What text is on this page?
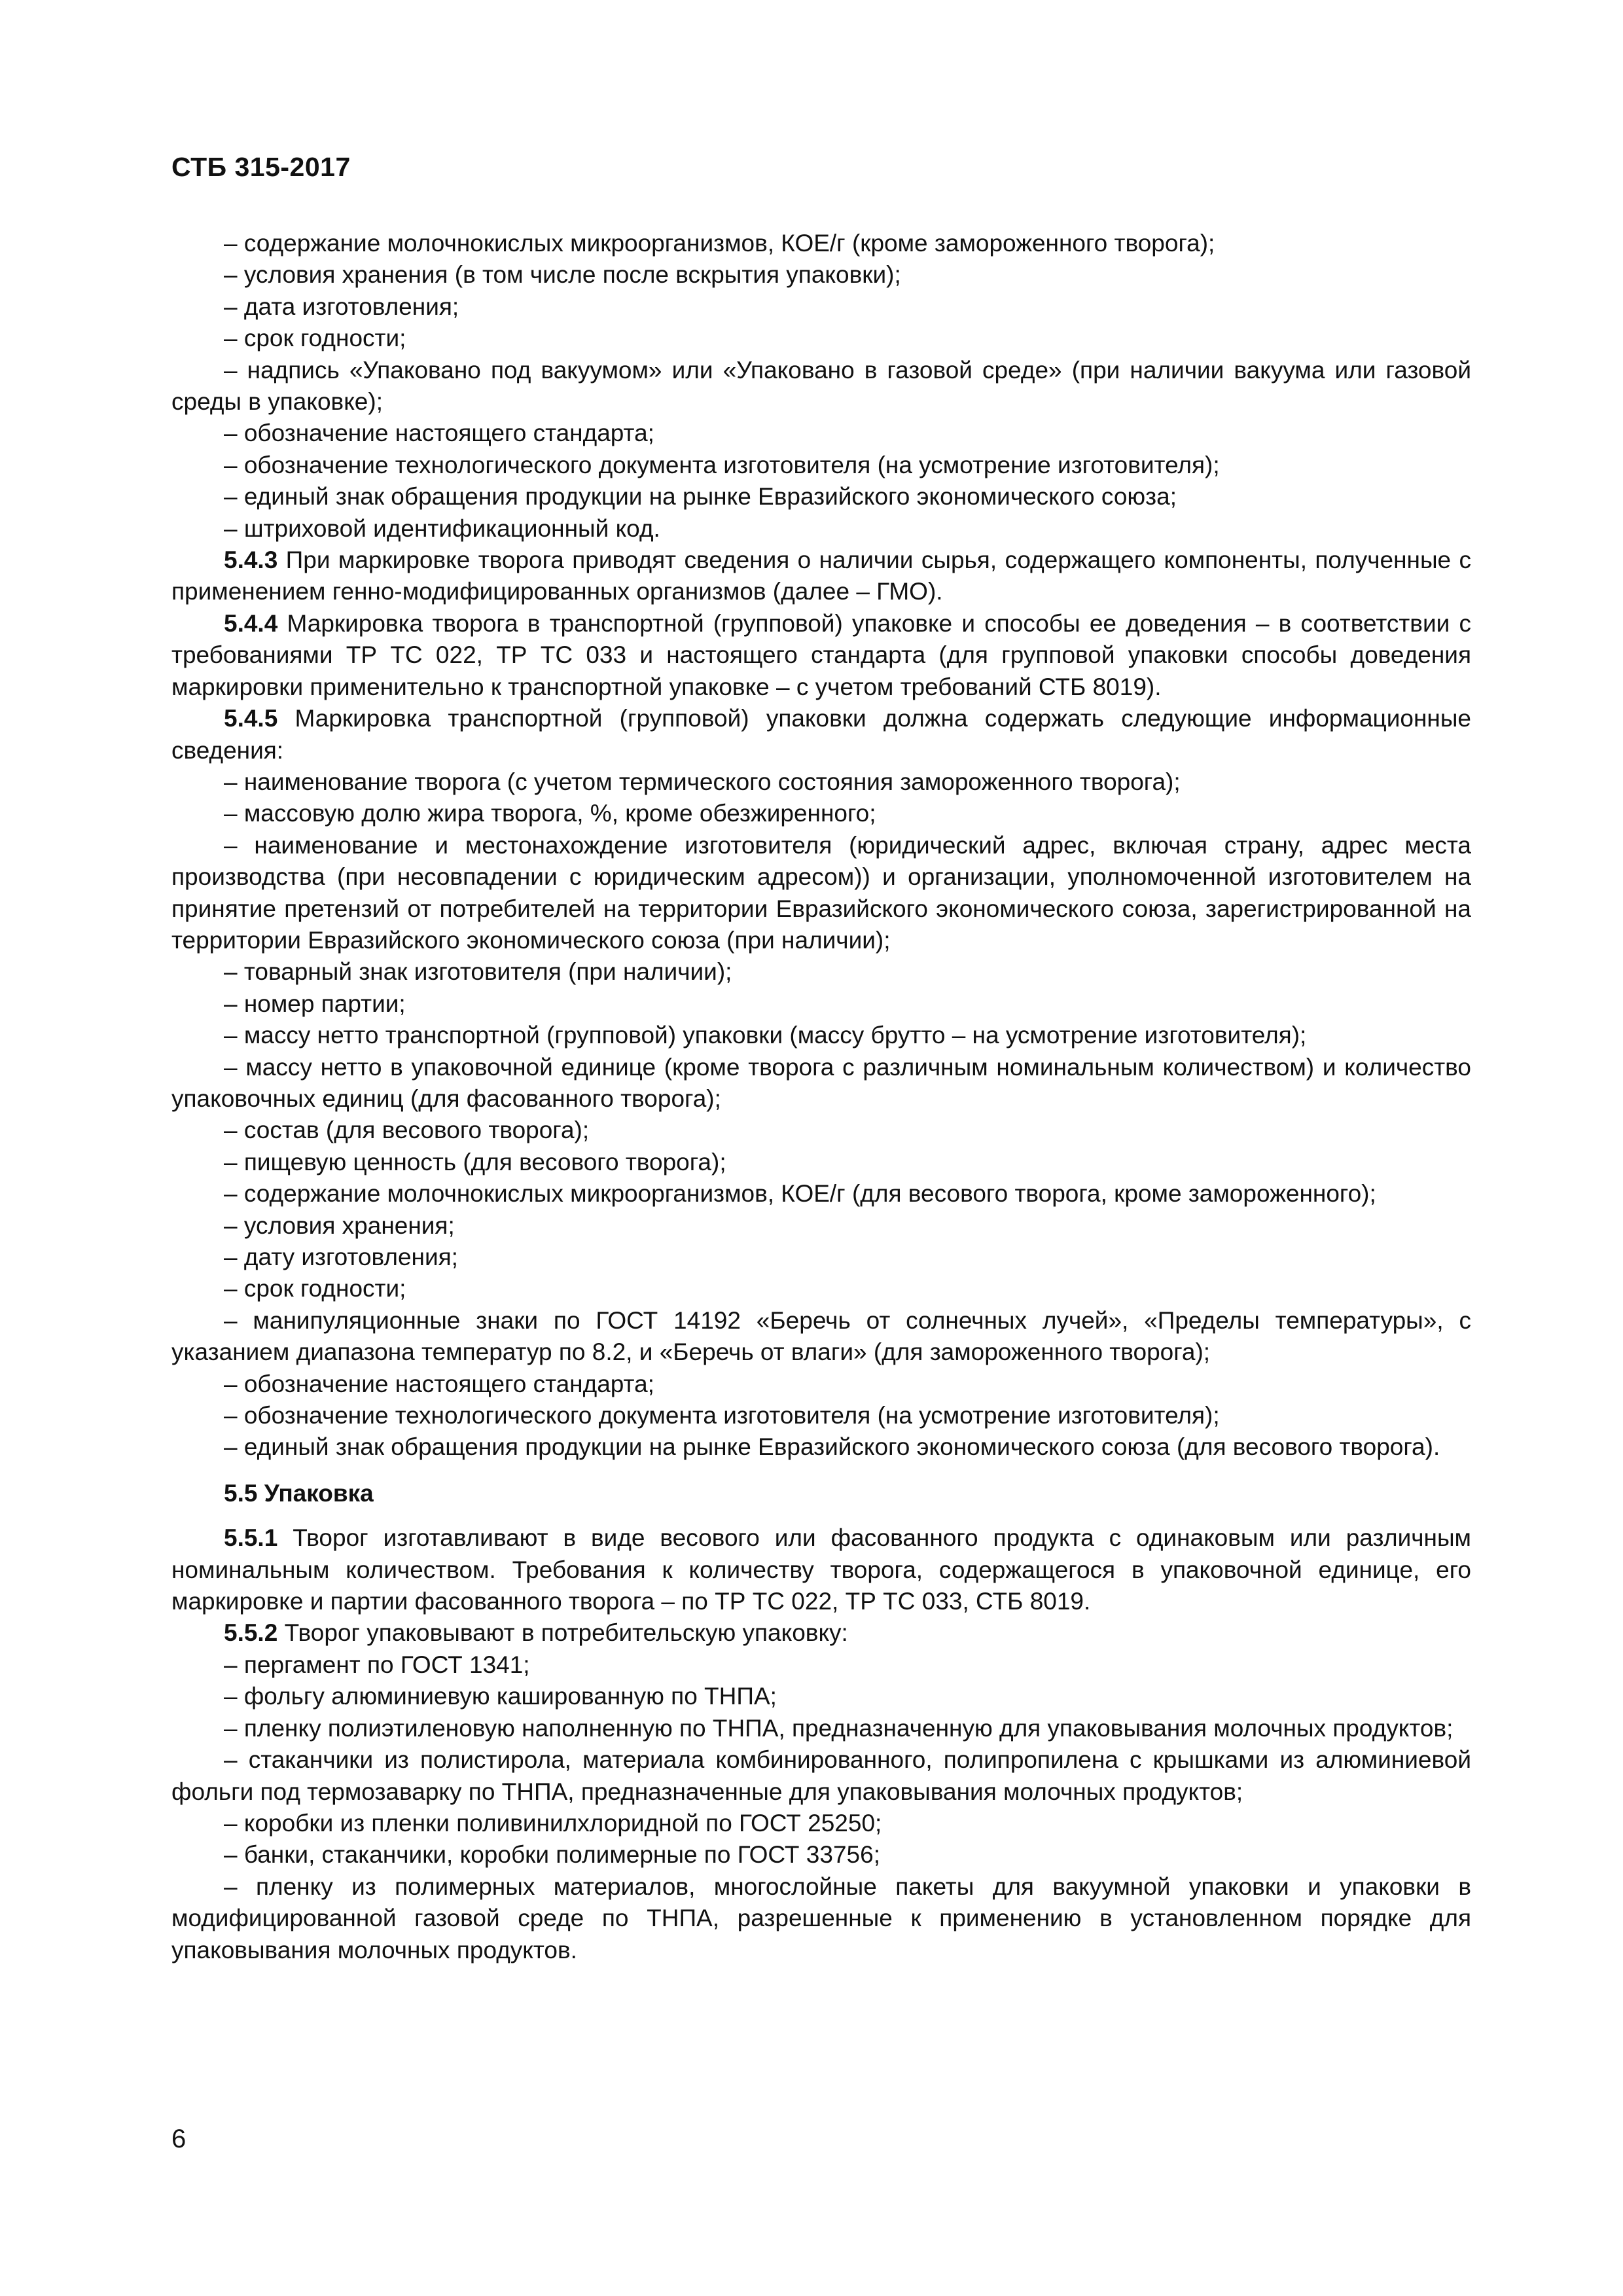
СТБ 315-2017

– содержание молочнокислых микроорганизмов, КОЕ/г (кроме замороженного творога);

– условия хранения (в том числе после вскрытия упаковки);

– дата изготовления;

– срок годности;

– надпись «Упаковано под вакуумом» или «Упаковано в газовой среде» (при наличии вакуума или газовой среды в упаковке);

– обозначение настоящего стандарта;

– обозначение технологического документа изготовителя (на усмотрение изготовителя);

– единый знак обращения продукции на рынке Евразийского экономического союза;

– штриховой идентификационный код.

5.4.3 При маркировке творога приводят сведения о наличии сырья, содержащего компоненты, полученные с применением генно-модифицированных организмов (далее – ГМО).

5.4.4 Маркировка творога в транспортной (групповой) упаковке и способы ее доведения – в соответствии с требованиями ТР ТС 022, ТР ТС 033 и настоящего стандарта (для групповой упаковки способы доведения маркировки применительно к транспортной упаковке – с учетом требований СТБ 8019).

5.4.5 Маркировка транспортной (групповой) упаковки должна содержать следующие информационные сведения:

– наименование творога (с учетом термического состояния замороженного творога);

– массовую долю жира творога, %, кроме обезжиренного;

– наименование и местонахождение изготовителя (юридический адрес, включая страну, адрес места производства (при несовпадении с юридическим адресом)) и организации, уполномоченной изготовителем на принятие претензий от потребителей на территории Евразийского экономического союза, зарегистрированной на территории Евразийского экономического союза (при наличии);

– товарный знак изготовителя (при наличии);

– номер партии;

– массу нетто транспортной (групповой) упаковки (массу брутто – на усмотрение изготовителя);

– массу нетто в упаковочной единице (кроме творога с различным номинальным количеством) и количество упаковочных единиц (для фасованного творога);

– состав (для весового творога);

– пищевую ценность (для весового творога);

– содержание молочнокислых микроорганизмов, КОЕ/г (для весового творога, кроме замороженного);

– условия хранения;

– дату изготовления;

– срок годности;

– манипуляционные знаки по ГОСТ 14192 «Беречь от солнечных лучей», «Пределы температуры», с указанием диапазона температур по 8.2, и «Беречь от влаги» (для замороженного творога);

– обозначение настоящего стандарта;

– обозначение технологического документа изготовителя (на усмотрение изготовителя);

– единый знак обращения продукции на рынке Евразийского экономического союза (для весового творога).

5.5 Упаковка

5.5.1 Творог изготавливают в виде весового или фасованного продукта с одинаковым или различным номинальным количеством. Требования к количеству творога, содержащегося в упаковочной единице, его маркировке и партии фасованного творога – по ТР ТС 022, ТР ТС 033, СТБ 8019.

5.5.2 Творог упаковывают в потребительскую упаковку:

– пергамент по ГОСТ 1341;

– фольгу алюминиевую кашированную по ТНПА;

– пленку полиэтиленовую наполненную по ТНПА, предназначенную для упаковывания молочных продуктов;

– стаканчики из полистирола, материала комбинированного, полипропилена с крышками из алюминиевой фольги под термозаварку по ТНПА, предназначенные для упаковывания молочных продуктов;

– коробки из пленки поливинилхлоридной по ГОСТ 25250;

– банки, стаканчики, коробки полимерные по ГОСТ 33756;

– пленку из полимерных материалов, многослойные пакеты для вакуумной упаковки и упаковки в модифицированной газовой среде по ТНПА, разрешенные к применению в установленном порядке для упаковывания молочных продуктов.

6
